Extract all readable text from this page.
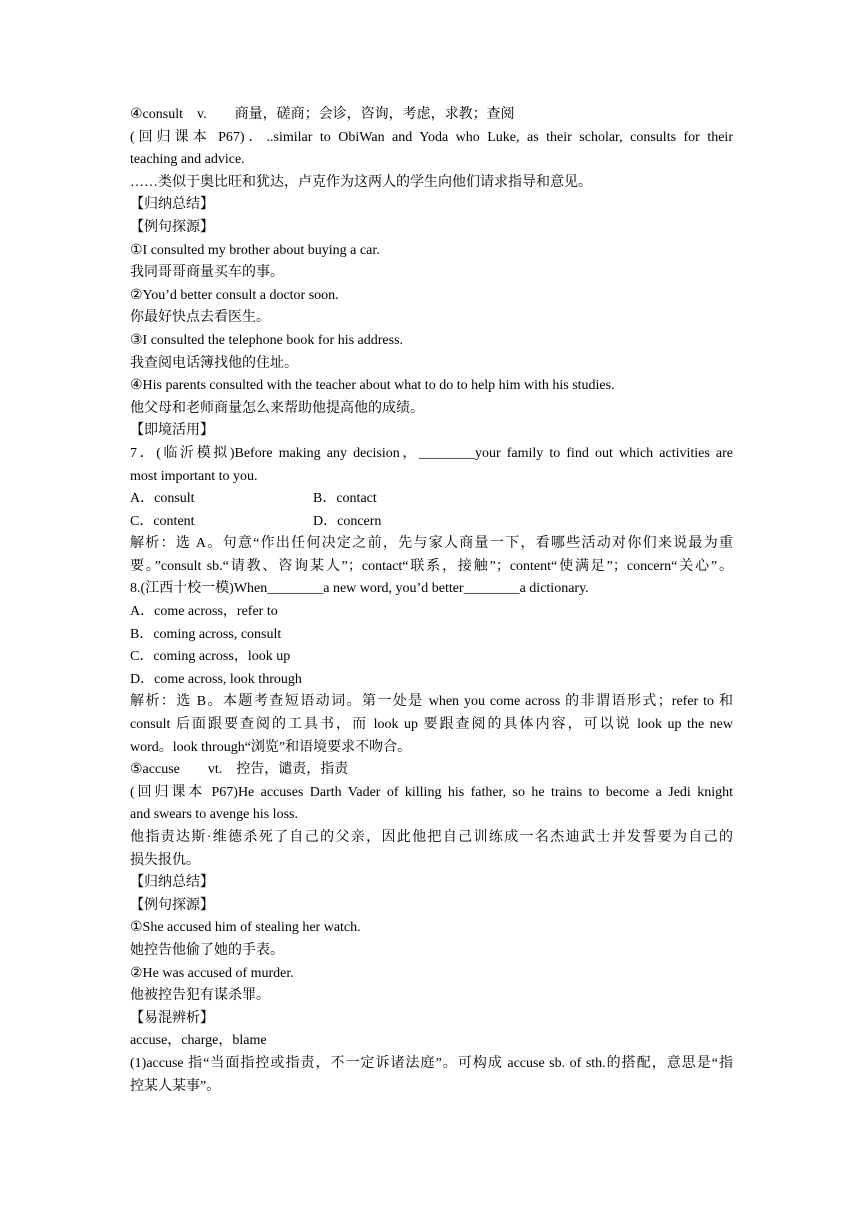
④consult　v.　　商量，磋商；会诊，咨询，考虑，求教；查阅
(回归课本 P67)．..similar to ObiWan and Yoda who Luke, as their scholar, consults for their
teaching and advice.
……类似于奥比旺和犹达，卢克作为这两人的学生向他们请求指导和意见。
【归纳总结】
【例句探源】
①I consulted my brother about buying a car.
我同哥哥商量买车的事。
②You’d better consult a doctor soon.
你最好快点去看医生。
③I consulted the telephone book for his address.
我查阅电话簿找他的住址。
④His parents consulted with the teacher about what to do to help him with his studies.
他父母和老师商量怎么来帮助他提高他的成绩。
【即境活用】
7．(临沂模拟)Before making any decision，________your family to find out which activities are
most important to you.
A．consult	B．contact
C．content	D．concern
解析：选 A。句意“作出任何决定之前，先与家人商量一下，看哪些活动对你们来说最为重
要。”consult sb.“请教、咨询某人”；contact“联系，接触”；content“使满足”；concern“关心”。
8.(江西十校一模)When________a new word, you’d better________a dictionary.
A．come across，refer to
B．coming across, consult
C．coming across，look up
D．come across, look through
解析：选 B。本题考查短语动词。第一处是 when you come across 的非谓语形式；refer to 和
consult 后面跟要查阅的工具书，而 look up 要跟查阅的具体内容，可以说 look up the new
word。look through“浏览”和语境要求不吻合。
⑤accuse　　vt.　控告，谴责，指责
(回归课本 P67)He accuses Darth Vader of killing his father, so he trains to become a Jedi knight
and swears to avenge his loss.
他指责达斯·维德杀死了自己的父亲，因此他把自己训练成一名杰迪武士并发誓要为自己的
损失报仇。
【归纳总结】
【例句探源】
①She accused him of stealing her watch.
她控告他偷了她的手表。
②He was accused of murder.
他被控告犯有谋杀罪。
【易混辨析】
accuse，charge，blame
(1)accuse 指“当面指控或指责，不一定诉诸法庭”。可构成 accuse sb. of sth.的搭配，意思是“指
控某人某事”。
